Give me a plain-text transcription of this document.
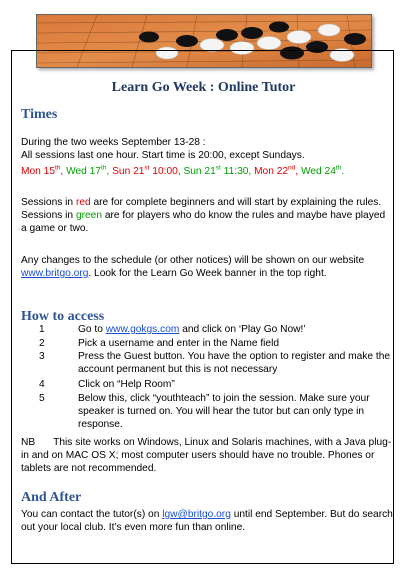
Learn Go Week : Online Tutor
Times
During the two weeks September 13-28 :
All sessions last one hour. Start time is 20:00, except Sundays.
Mon 15th, Wed 17th, Sun 21st 10:00, Sun 21st 11:30, Mon 22nd, Wed 24th.
Sessions in red are for complete beginners and will start by explaining the rules. Sessions in green are for players who do know the rules and maybe have played a game or two.
Any changes to the schedule (or other notices) will be shown on our website www.britgo.org. Look for the Learn Go Week banner in the top right.
How to access
1	Go to www.gokgs.com and click on ‘Play Go Now!’
2	Pick a username and enter in the Name field
3	Press the Guest button. You have the option to register and make the account permanent but this is not necessary
4	Click on “Help Room”
5	Below this, click “youthteach” to join the session. Make sure your speaker is turned on. You will hear the tutor but can only type in response.
NB This site works on Windows, Linux and Solaris machines, with a Java plug-in and on MAC OS X; most computer users should have no trouble. Phones or tablets are not recommended.
And After
You can contact the tutor(s) on lgw@britgo.org until end September. But do search out your local club. It’s even more fun than online.
